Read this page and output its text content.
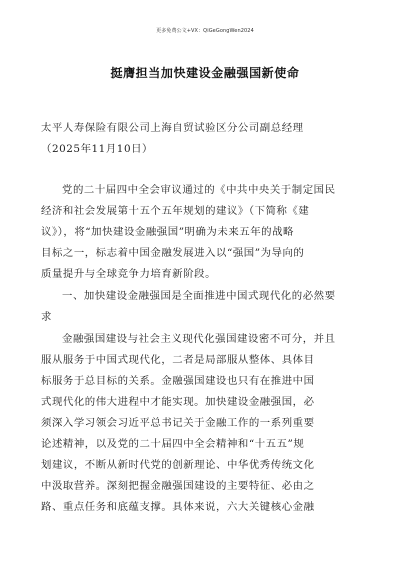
更多免费公文+VX：QiGeGongWen2024
挺膺担当加快建设金融强国新使命
太平人寿保险有限公司上海自贸试验区分公司副总经理
（2025年11月10日）
党的二十届四中全会审议通过的《中共中央关于制定国民
经济和社会发展第十五个五年规划的建议》（下简称《建
议》），将“加快建设金融强国”明确为未来五年的战略
目标之一，标志着中国金融发展进入以“强国”为导向的
质量提升与全球竞争力培育新阶段。
一、加快建设金融强国是全面推进中国式现代化的必然要
求
金融强国建设与社会主义现代化强国建设密不可分，并且
服从服务于中国式现代化，二者是局部服从整体、具体目
标服务于总目标的关系。金融强国建设也只有在推进中国
式现代化的伟大进程中才能实现。加快建设金融强国，必
须深入学习领会习近平总书记关于金融工作的一系列重要
论述精神，以及党的二十届四中全会精神和“十五五”规
划建议，不断从新时代党的创新理论、中华优秀传统文化
中汲取营养。深刻把握金融强国建设的主要特征、必由之
路、重点任务和底蕴支撑。具体来说，六大关键核心金融
